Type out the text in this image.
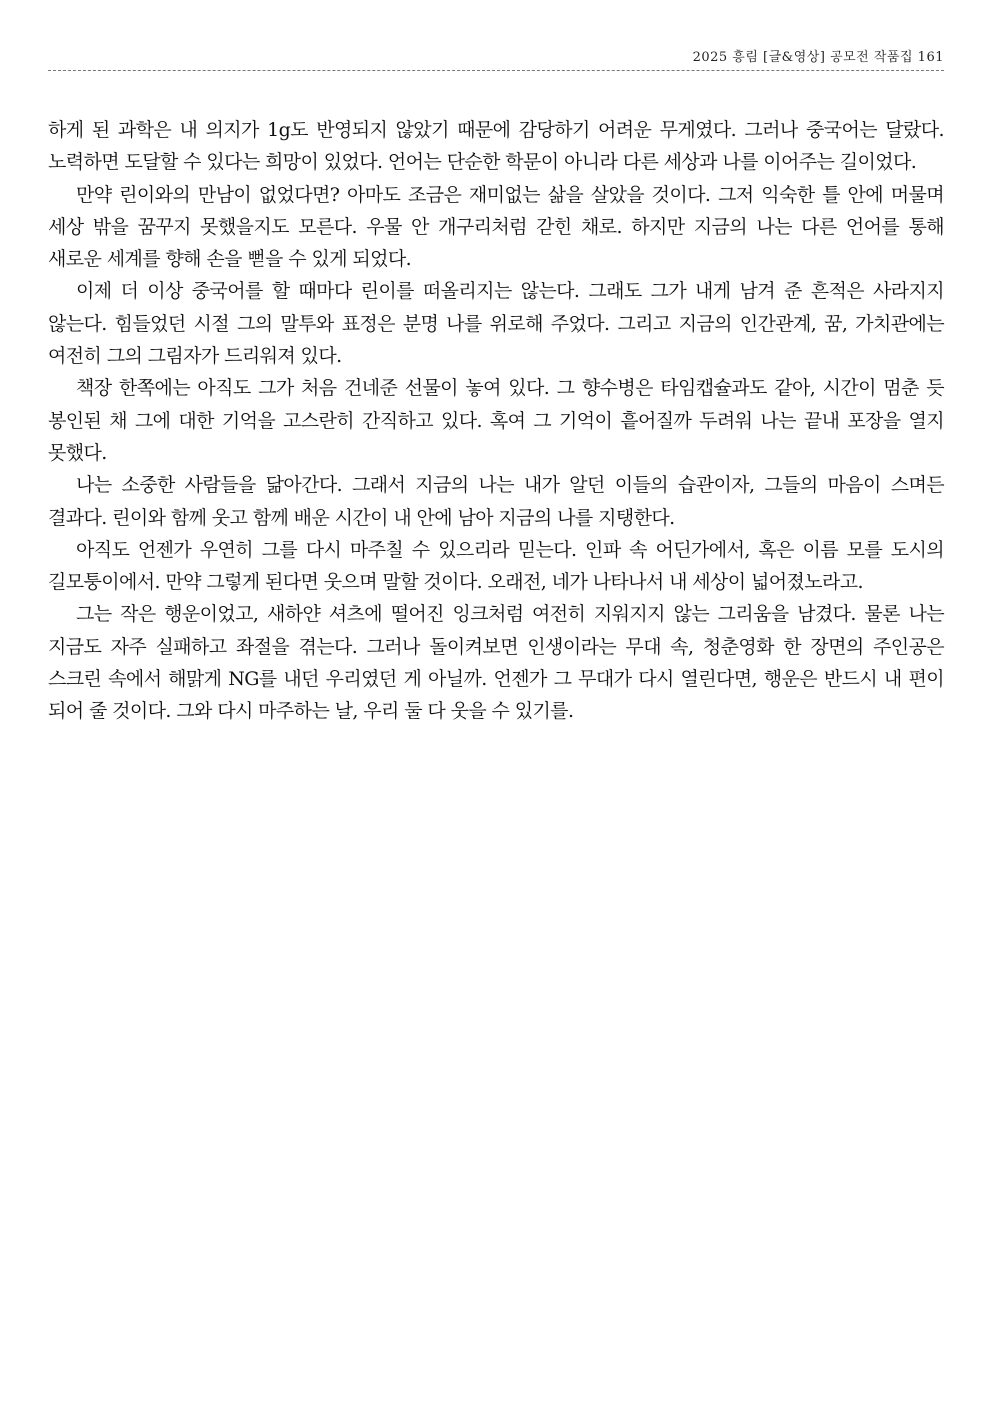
2025 흥림 [글&영상] 공모전 작품집 161

하게 된 과학은 내 의지가 1g도 반영되지 않았기 때문에 감당하기 어려운 무게였다. 그러나 중국어는 달랐다. 노력하면 도달할 수 있다는 희망이 있었다. 언어는 단순한 학문이 아니라 다른 세상과 나를 이어주는 길이었다.

만약 린이와의 만남이 없었다면? 아마도 조금은 재미없는 삶을 살았을 것이다. 그저 익숙한 틀 안에 머물며 세상 밖을 꿈꾸지 못했을지도 모른다. 우물 안 개구리처럼 갇힌 채로. 하지만 지금의 나는 다른 언어를 통해 새로운 세계를 향해 손을 뻗을 수 있게 되었다.

이제 더 이상 중국어를 할 때마다 린이를 떠올리지는 않는다. 그래도 그가 내게 남겨 준 흔적은 사라지지 않는다. 힘들었던 시절 그의 말투와 표정은 분명 나를 위로해 주었다. 그리고 지금의 인간관계, 꿈, 가치관에는 여전히 그의 그림자가 드리워져 있다.

책장 한쪽에는 아직도 그가 처음 건네준 선물이 놓여 있다. 그 향수병은 타임캡슐과도 같아, 시간이 멈춘 듯 봉인된 채 그에 대한 기억을 고스란히 간직하고 있다. 혹여 그 기억이 흩어질까 두려워 나는 끝내 포장을 열지 못했다.

나는 소중한 사람들을 닮아간다. 그래서 지금의 나는 내가 알던 이들의 습관이자, 그들의 마음이 스며든 결과다. 린이와 함께 웃고 함께 배운 시간이 내 안에 남아 지금의 나를 지탱한다.

아직도 언젠가 우연히 그를 다시 마주칠 수 있으리라 믿는다. 인파 속 어딘가에서, 혹은 이름 모를 도시의 길모퉁이에서. 만약 그렇게 된다면 웃으며 말할 것이다. 오래전, 네가 나타나서 내 세상이 넓어졌노라고.

그는 작은 행운이었고, 새하얀 셔츠에 떨어진 잉크처럼 여전히 지워지지 않는 그리움을 남겼다. 물론 나는 지금도 자주 실패하고 좌절을 겪는다. 그러나 돌이켜보면 인생이라는 무대 속, 청춘영화 한 장면의 주인공은 스크린 속에서 해맑게 NG를 내던 우리였던 게 아닐까. 언젠가 그 무대가 다시 열린다면, 행운은 반드시 내 편이 되어 줄 것이다. 그와 다시 마주하는 날, 우리 둘 다 웃을 수 있기를.
